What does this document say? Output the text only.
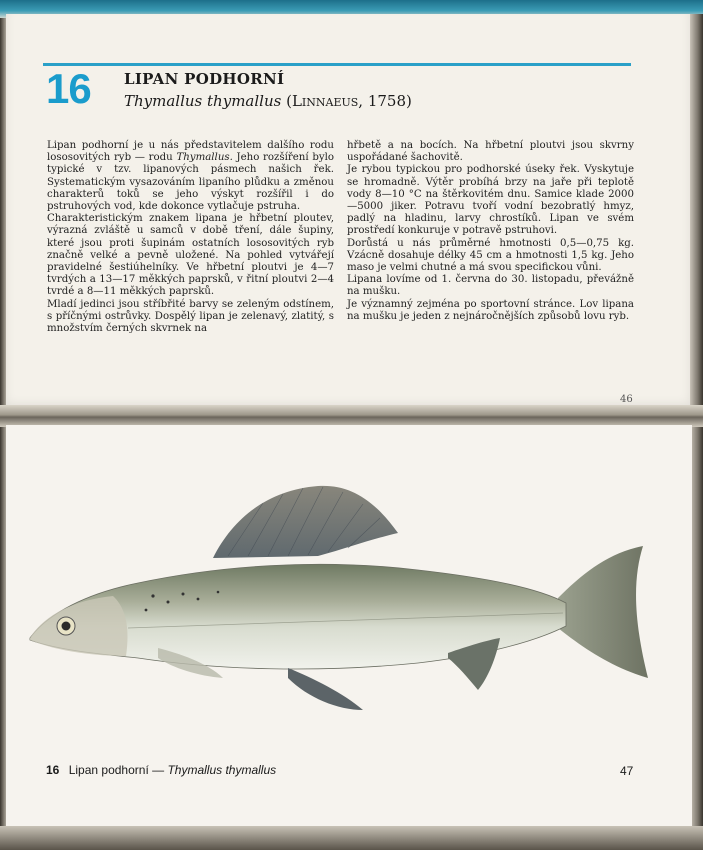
16 LIPAN PODHORNÍ
Thymallus thymallus (Linnaeus, 1758)

Lipan podhorní je u nás představitelem dalšího rodu lososovitých ryb — rodu Thymallus. Jeho rozšíření bylo typické v tzv. lipanových pásmech našich řek. Systematickým vysazováním lipaního plůdku a změnou charakterů toků se jeho výskyt rozšířil i do pstruhových vod, kde dokonce vytlačuje pstruha.

Charakteristickým znakem lipana je hřbetní ploutev, výrazná zvláště u samců v době tření, dále šupiny, které jsou proti šupinám ostatních lososovitých ryb značně velké a pevně uložené. Na pohled vytvářejí pravidelné šestiúhelníky. Ve hřbetní ploutvi je 4—7 tvrdých a 13—17 měkkých paprsků, v řitní ploutvi 2—4 tvrdé a 8—11 měkkých paprsků.

Mladí jedinci jsou stříbřité barvy se zeleným odstínem, s příčnými ostrůvky. Dospělý lipan je zelenavý, zlatitý, s množstvím černých skvrnek na

hřbetě a na bocích. Na hřbetní ploutvi jsou skvrny uspořádané šachovitě.

Je rybou typickou pro podhorské úseky řek. Vyskytuje se hromadně. Výtěr probíhá brzy na jaře při teplotě vody 8—10 °C na štěrkovitém dnu. Samice klade 2000—5000 jiker. Potravu tvoří vodní bezobratlý hmyz, padlý na hladinu, larvy chrostíků. Lipan ve svém prostředí konkuruje v potravě pstruhovi.

Dorůstá u nás průměrné hmotnosti 0,5—0,75 kg. Vzácně dosahuje délky 45 cm a hmotnosti 1,5 kg. Jeho maso je velmi chutné a má svou specifickou vůni.

Lipana lovíme od 1. června do 30. listopadu, převážně na mušku.

Je významný zejména po sportovní stránce. Lov lipana na mušku je jeden z nejnáročnějších způsobů lovu ryb.

46
16 Lipan podhorní — Thymallus thymallus	47
